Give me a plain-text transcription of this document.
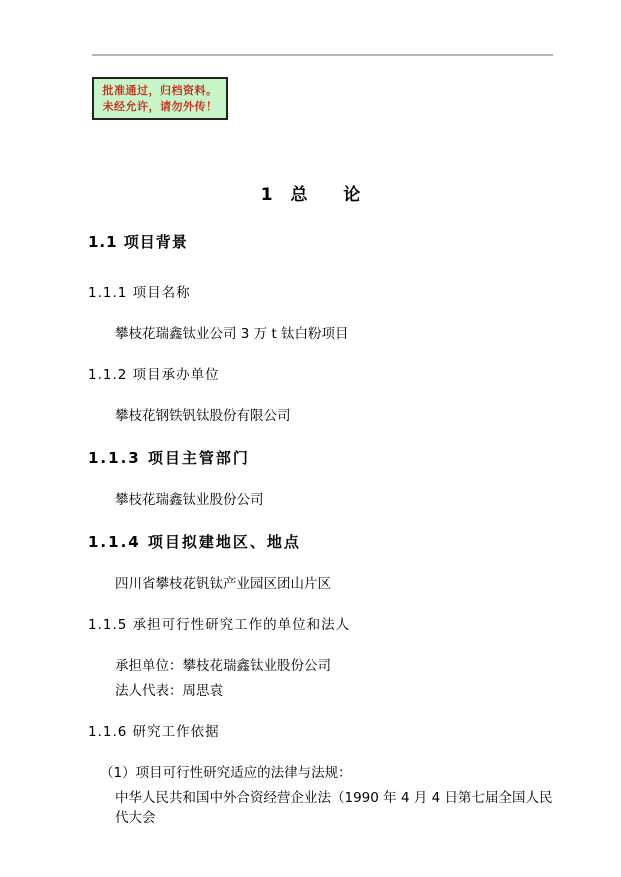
批准通过，归档资料。
未经允许，请勿外传！
1 总  论
1.1 项目背景
1.1.1 项目名称
攀枝花瑞鑫钛业公司 3 万 t 钛白粉项目
1.1.2 项目承办单位
攀枝花钢铁钒钛股份有限公司
1.1.3 项目主管部门
攀枝花瑞鑫钛业股份公司
1.1.4 项目拟建地区、地点
四川省攀枝花钒钛产业园区团山片区
1.1.5 承担可行性研究工作的单位和法人
承担单位：攀枝花瑞鑫钛业股份公司
法人代表：周思袁
1.1.6 研究工作依据
（1）项目可行性研究适应的法律与法规：
中华人民共和国中外合资经营企业法（1990 年 4 月 4 日第七届全国人民代大会
